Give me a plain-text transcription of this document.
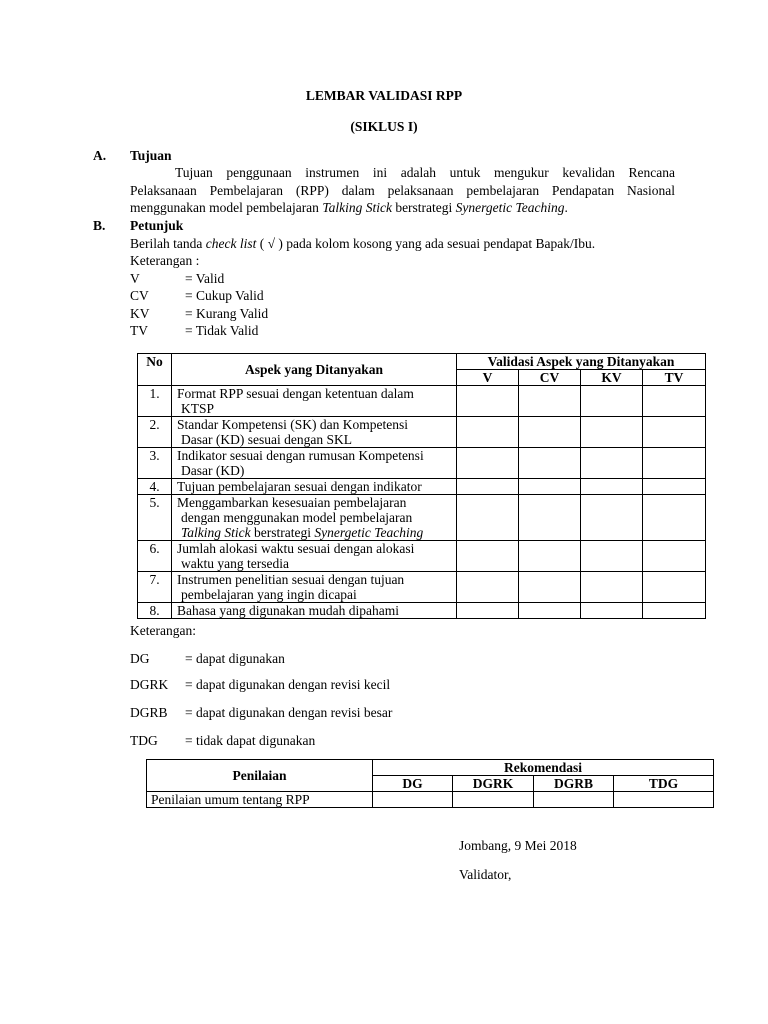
LEMBAR VALIDASI RPP
(SIKLUS I)
A. Tujuan
Tujuan penggunaan instrumen ini adalah untuk mengukur kevalidan Rencana
Pelaksanaan Pembelajaran (RPP) dalam pelaksanaan pembelajaran Pendapatan Nasional
menggunakan model pembelajaran Talking Stick berstrategi Synergetic Teaching.
B. Petunjuk
Berilah tanda check list ( √ ) pada kolom kosong yang ada sesuai pendapat Bapak/Ibu.
Keterangan :
V	= Valid
CV	= Cukup Valid
KV	= Kurang Valid
TV	= Tidak Valid
No	Aspek yang Ditanyakan	Validasi Aspek yang Ditanyakan			
		V	CV	KV	TV
1.	Format RPP sesuai dengan ketentuan dalam
KTSP				

2.	Standar Kompetensi (SK) dan Kompetensi
Dasar (KD) sesuai dengan SKL				

3.	Indikator sesuai dengan rumusan Kompetensi
Dasar (KD)				

4.	Tujuan pembelajaran sesuai dengan indikator				
5.	Menggambarkan kesesuaian pembelajaran
dengan menggunakan model pembelajaran
Talking Stick berstrategi Synergetic Teaching				

6.	Jumlah alokasi waktu sesuai dengan alokasi
waktu yang tersedia				

7.	Instrumen penelitian sesuai dengan tujuan
pembelajaran yang ingin dicapai				

8.	Bahasa yang digunakan mudah dipahami				
Keterangan:
DG	= dapat digunakan
DGRK = dapat digunakan dengan revisi kecil
DGRB = dapat digunakan dengan revisi besar
TDG = tidak dapat digunakan
Penilaian	Rekomendasi			
	DG	DGRK	DGRB	TDG
Penilaian umum tentang RPP				
Jombang, 9 Mei 2018
Validator,
